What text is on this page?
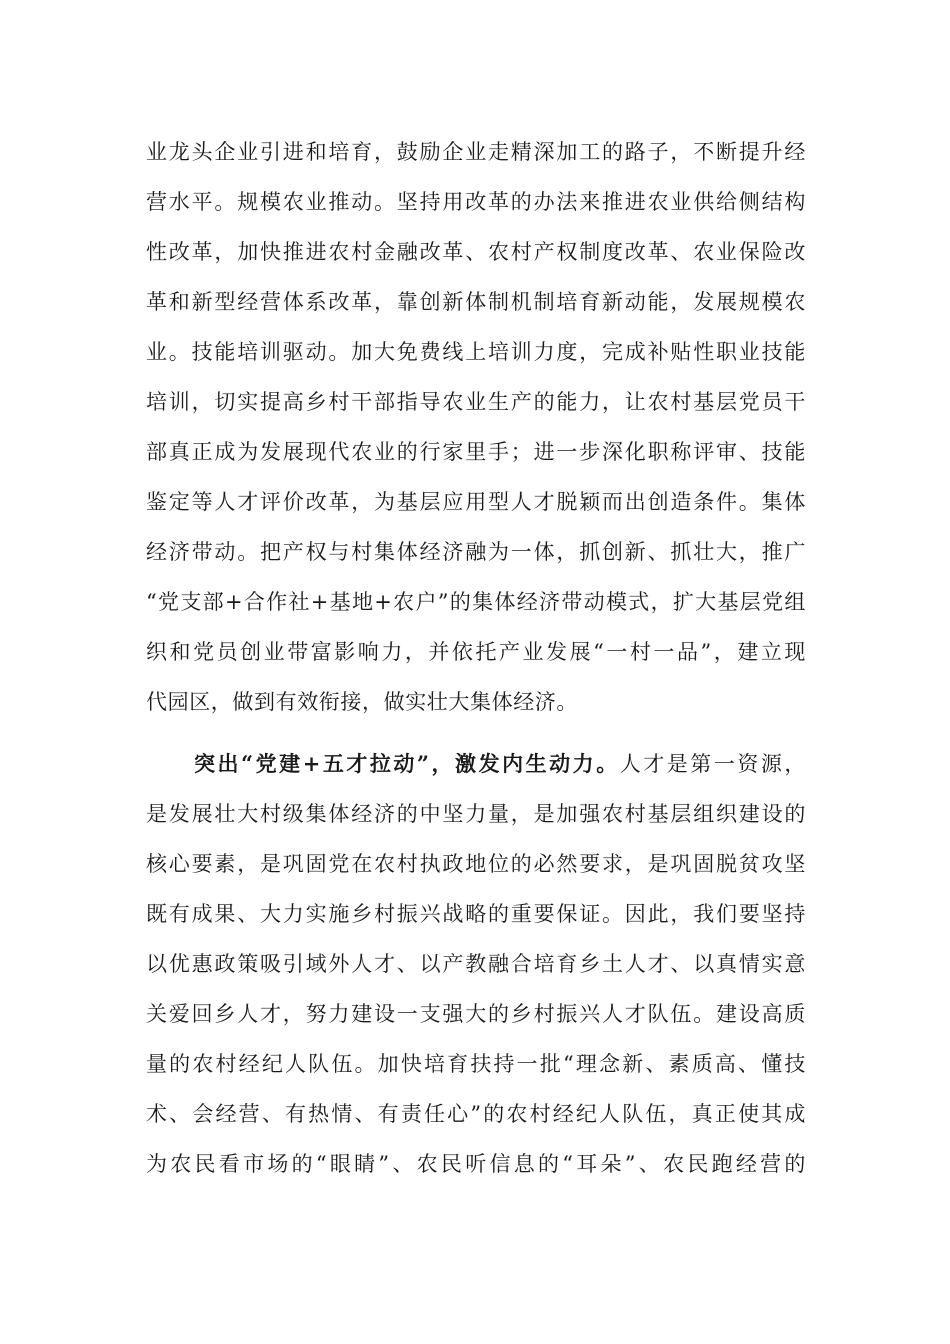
业龙头企业引进和培育，鼓励企业走精深加工的路子，不断提升经
营水平。规模农业推动。坚持用改革的办法来推进农业供给侧结构
性改革，加快推进农村金融改革、农村产权制度改革、农业保险改
革和新型经营体系改革，靠创新体制机制培育新动能，发展规模农
业。技能培训驱动。加大免费线上培训力度，完成补贴性职业技能
培训，切实提高乡村干部指导农业生产的能力，让农村基层党员干
部真正成为发展现代农业的行家里手；进一步深化职称评审、技能
鉴定等人才评价改革，为基层应用型人才脱颖而出创造条件。集体
经济带动。把产权与村集体经济融为一体，抓创新、抓壮大，推广
“党支部+合作社+基地+农户”的集体经济带动模式，扩大基层党组
织和党员创业带富影响力，并依托产业发展“一村一品”，建立现
代园区，做到有效衔接，做实壮大集体经济。
突出“党建+五才拉动”，激发内生动力。人才是第一资源，
是发展壮大村级集体经济的中坚力量，是加强农村基层组织建设的
核心要素，是巩固党在农村执政地位的必然要求，是巩固脱贫攻坚
既有成果、大力实施乡村振兴战略的重要保证。因此，我们要坚持
以优惠政策吸引域外人才、以产教融合培育乡土人才、以真情实意
关爱回乡人才，努力建设一支强大的乡村振兴人才队伍。建设高质
量的农村经纪人队伍。加快培育扶持一批“理念新、素质高、懂技
术、会经营、有热情、有责任心”的农村经纪人队伍，真正使其成
为农民看市场的“眼睛”、农民听信息的“耳朵”、农民跑经营的
